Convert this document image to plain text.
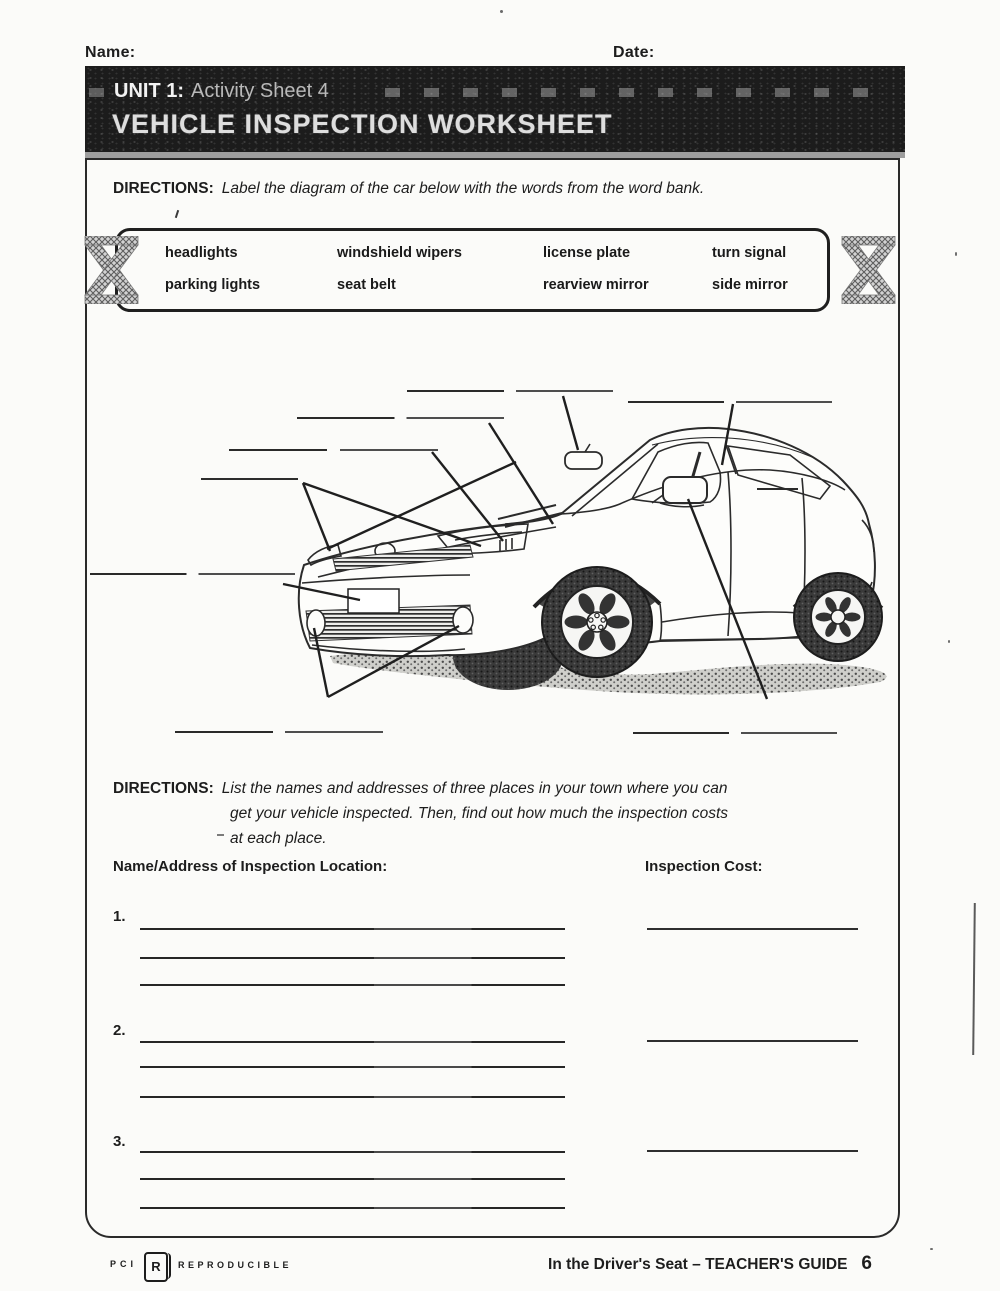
Name:	Date:
UNIT 1: Activity Sheet 4
VEHICLE INSPECTION WORKSHEET
DIRECTIONS: Label the diagram of the car below with the words from the word bank.
headlights	windshield wipers	license plate	turn signal
parking lights	seat belt	rearview mirror	side mirror
DIRECTIONS: List the names and addresses of three places in your town where you can
get your vehicle inspected. Then, find out how much the inspection costs
at each place.
Name/Address of Inspection Location:	Inspection Cost:
1.
2.
3.
PCI	R	REPRODUCIBLE	In the Driver's Seat – TEACHER'S GUIDE 6
